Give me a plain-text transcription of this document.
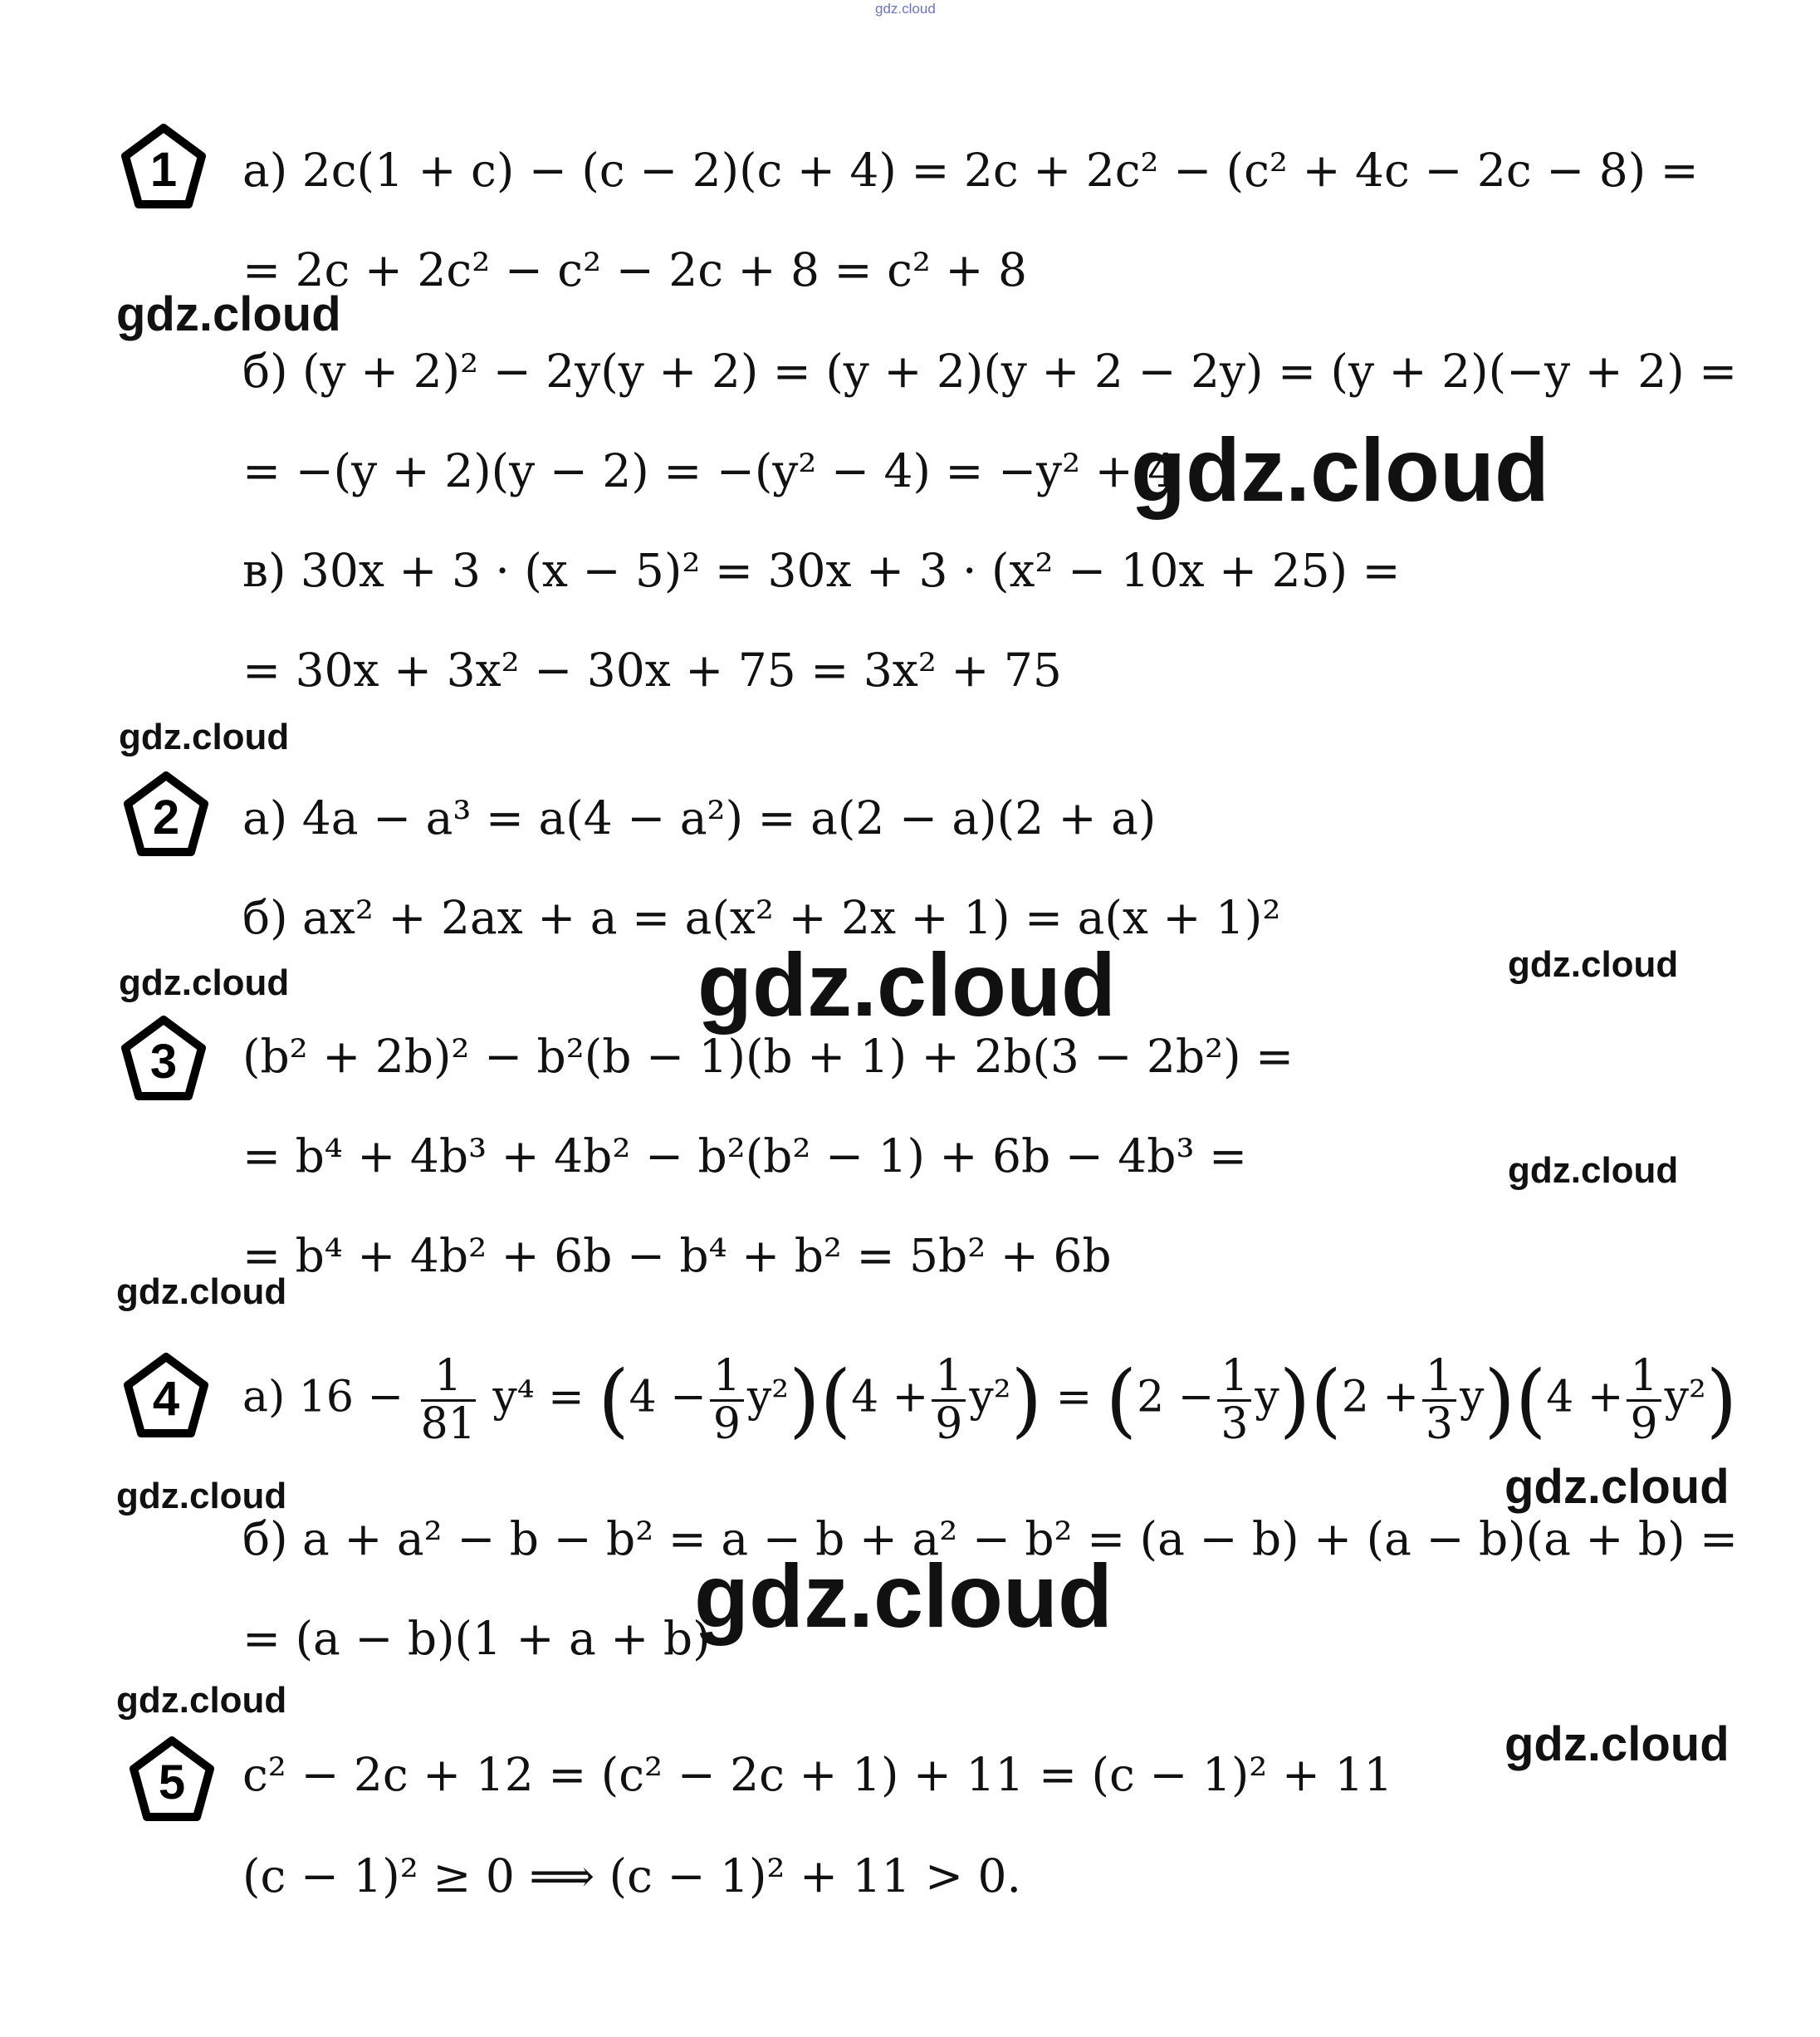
gdz.cloud
1 а) 2c(1 + c) − (c − 2)(c + 4) = 2c + 2c² − (c² + 4c − 2c − 8) =
= 2c + 2c² − c² − 2c + 8 = c² + 8
б) (y + 2)² − 2y(y + 2) = (y + 2)(y + 2 − 2y) = (y + 2)(−y + 2) =
= −(y + 2)(y − 2) = −(y² − 4) = −y² + 4
в) 30x + 3 · (x − 5)² = 30x + 3 · (x² − 10x + 25) =
= 30x + 3x² − 30x + 75 = 3x² + 75
gdz.cloud
gdz.cloud
gdz.cloud
2 а) 4a − a³ = a(4 − a²) = a(2 − a)(2 + a)
б) ax² + 2ax + a = a(x² + 2x + 1) = a(x + 1)²
gdz.cloud	gdz.cloud	gdz.cloud
3 (b² + 2b)² − b²(b − 1)(b + 1) + 2b(3 − 2b²) =
= b⁴ + 4b³ + 4b² − b²(b² − 1) + 6b − 4b³ =
= b⁴ + 4b² + 6b − b⁴ + b² = 5b² + 6b
gdz.cloud
gdz.cloud
4 а) $16 - \frac{1}{81} y^4 = (4 - \frac{1}{9} y^2)(4 + \frac{1}{9} y^2) = (2 - \frac{1}{3} y)(2 + \frac{1}{3} y)(4 + \frac{1}{9} y^2)$
gdz.cloud	gdz.cloud
б) a + a² − b − b² = a − b + a² − b² = (a − b) + (a − b)(a + b) =
= (a − b)(1 + a + b)
gdz.cloud
gdz.cloud
gdz.cloud
5 c² − 2c + 12 = (c² − 2c + 1) + 11 = (c − 1)² + 11
(c − 1)² ≥ 0 ⟹ (c − 1)² + 11 > 0.
